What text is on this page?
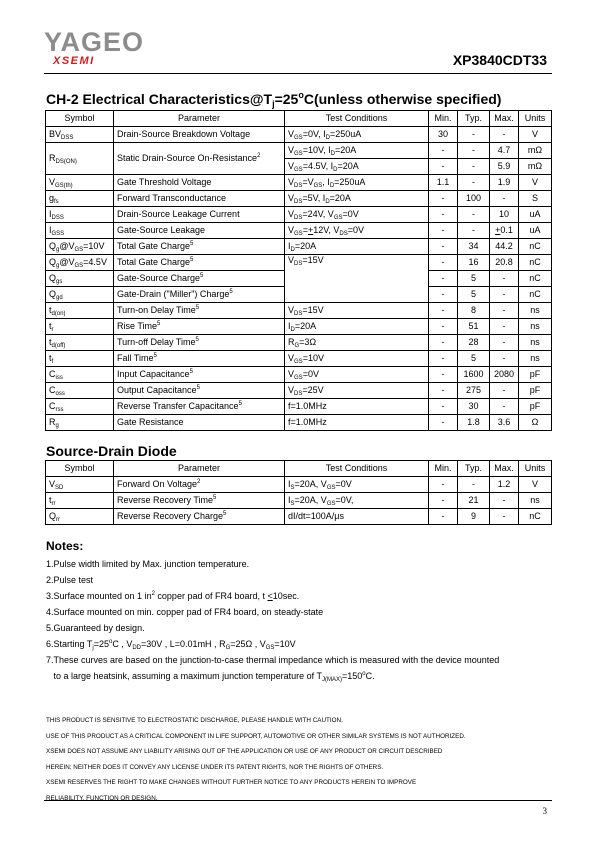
YAGEO
XSEMI	XP3840CDT33
CH-2 Electrical $Characteristics@T_j=25^oC(unless$ otherwise specified)
Symbol	Parameter	Test Conditions	Min.	Typ.	Max.	Units
$BV_{DSS}$	Drain-Source Breakdown Voltage	$V_{GS}=0V$, $I_D=250uA$	30	-	-	V
$R_{DS(ON)}$	Static Drain-Source On-Resistance$^2$	$V_{GS}=10V$, $I_D=20A$	-	-	4.7	mΩ
		$V_{GS}=4.5V$, $I_D=20A$	-	-	5.9	mΩ
$V_{GS(th)}$	Gate Threshold Voltage	$V_{DS}=V_{GS}$, $I_D=250uA$	1.1	-	1.9	V
$g_{fs}$	Forward Transconductance	$V_{DS}=5V$, $I_D=20A$	-	100	-	S
$I_{DSS}$	Drain-Source Leakage Current	$V_{DS}=24V$, $V_{GS}=0V$	-	-	10	uA
$I_{GSS}$	Gate-Source Leakage	$V_{GS}=+12V$, $V_{DS}=0V$	-	-	+0.1	uA
$Q_g@V_{GS}=10V$	Total Gate Charge$^5$	$I_D=20A$	-	34	44.2	nC
$Q_g@V_{GS}=4.5V$	Total Gate Charge$^5$	$V_{DS}=15V$	-	16	20.8	nC
$Q_{gs}$	Gate-Source Charge$^5$		-	5	-	nC
$Q_{gd}$	Gate-Drain ("Miller") Charge$^5$		-	5	-	nC
$t_{d(on)}$	Turn-on Delay Time$^5$	$V_{DS}=15V$	-	8	-	ns
$t_r$	Rise Time$^5$	$I_D=20A$	-	51	-	ns
$t_{d(off)}$	Turn-off Delay Time$^5$	$R_G=3\Omega$	-	28	-	ns
$t_f$	Fall Time$^5$	$V_{GS}=10V$	-	5	-	ns
$C_{iss}$	Input Capacitance$^5$	$V_{GS}=0V$	-	1600	2080	pF
$C_{oss}$	Output Capacitance$^5$	$V_{DS}=25V$	-	275	-	pF
$C_{rss}$	Reverse Transfer Capacitance$^5$	f=1.0MHz	-	30	-	pF
$R_g$	Gate Resistance	f=1.0MHz	-	1.8	3.6	Ω
Source-Drain Diode
Symbol	Parameter	Test Conditions	Min.	Typ.	Max.	Units
$V_{SD}$	Forward On Voltage$^2$	$I_S=20A$, $V_{GS}=0V$	-	-	1.2	V
$t_{rr}$	Reverse Recovery Time$^5$	$I_S=20A$, $V_{GS}=0V$,	-	21	-	ns
$Q_{rr}$	Reverse Recovery Charge$^5$	dI/dt=100A/μs	-	9	-	nC
Notes:
1.Pulse width limited by Max. junction temperature.
2.Pulse test
3.Surface mounted on 1 $in^2$ copper pad of FR4 board, t <10sec.
4.Surface mounted on min. copper pad of FR4 board, on steady-state
5.Guaranteed by design.
6.Starting $T_j=25^oC$ , $V_{DD}=30V$ , L=0.01mH , $R_G=25\Omega$ , $V_{GS}=10V$
7.These curves are based on the junction-to-case thermal impedance which is measured with the device mounted
to a large heatsink, assuming a maximum junction temperature of $T_{J(MAX)}=150^oC$.
THIS PRODUCT IS SENSITIVE TO ELECTROSTATIC DISCHARGE, PLEASE HANDLE WITH CAUTION.
USE OF THIS PRODUCT AS A CRITICAL COMPONENT IN LIFE SUPPORT, AUTOMOTIVE OR OTHER SIMILAR SYSTEMS IS NOT AUTHORIZED.
XSEMI DOES NOT ASSUME ANY LIABILITY ARISING OUT OF THE APPLICATION OR USE OF ANY PRODUCT OR CIRCUIT DESCRIBED
HEREIN; NEITHER DOES IT CONVEY ANY LICENSE UNDER ITS PATENT RIGHTS, NOR THE RIGHTS OF OTHERS.
XSEMI RESERVES THE RIGHT TO MAKE CHANGES WITHOUT FURTHER NOTICE TO ANY PRODUCTS HEREIN TO IMPROVE
RELIABILITY, FUNCTION OR DESIGN.
3
